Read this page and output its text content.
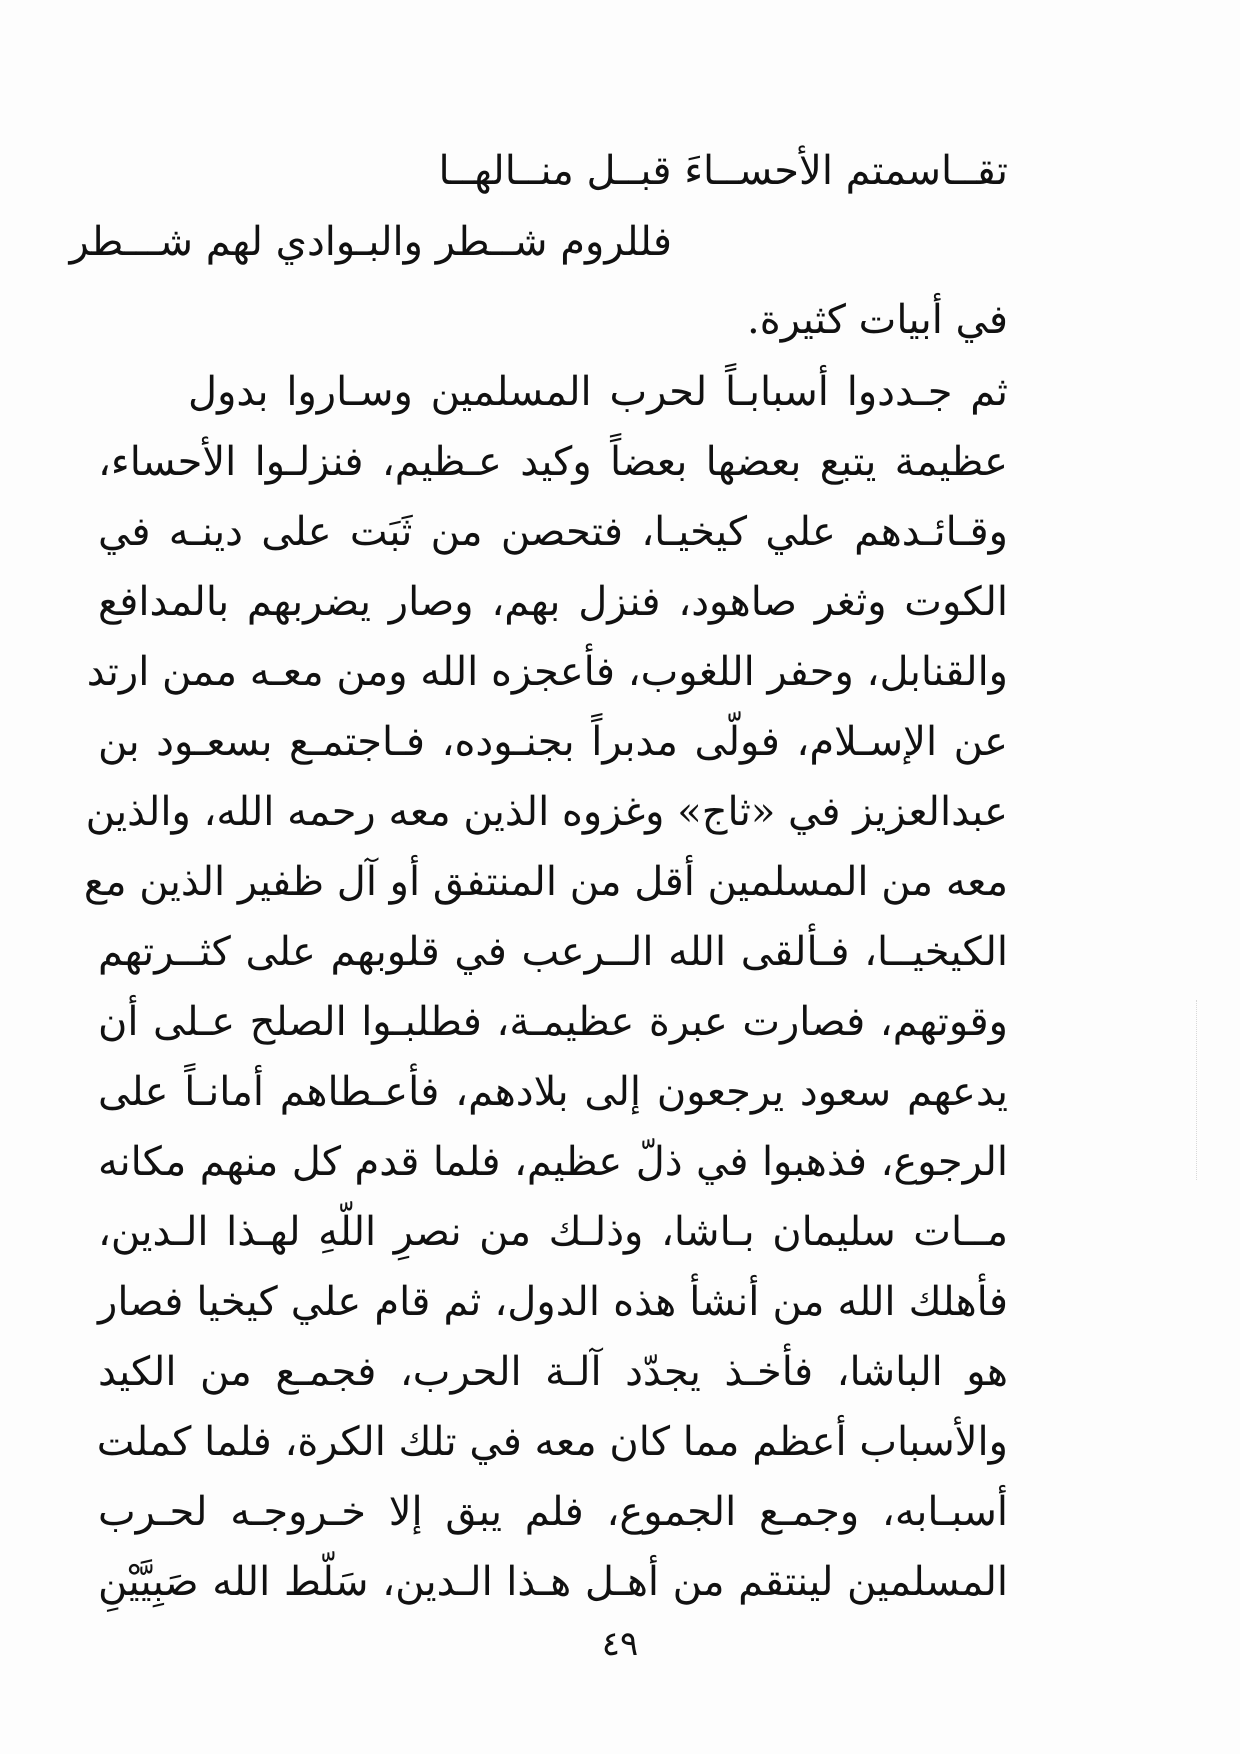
تقــاسمتم الأحســاءَ قبــل منــالهــا
فللروم شــطر والبـوادي لهم شـــطر
في أبيات كثيرة.
ثم جـددوا أسبابـاً لحرب المسلمين وسـاروا بدول
عظيمة يتبع بعضها بعضاً وكيد عـظيم، فنزلـوا الأحساء،
وقـائـدهم علي كيخيـا، فتحصن من ثَبَت على دينـه في
الكوت وثغر صاهود، فنزل بهم، وصار يضربهم بالمدافع
والقنابل، وحفر اللغوب، فأعجزه الله ومن معـه ممن ارتد
عن الإسـلام، فولّى مدبراً بجنـوده، فـاجتمـع بسعـود بن
عبدالعزيز في «ثاج» وغزوه الذين معه رحمه الله، والذين
معه من المسلمين أقل من المنتفق أو آل ظفير الذين مع
الكيخيــا، فـألقى الله الــرعب في قلوبهم على كثــرتهم
وقوتهم، فصارت عبرة عظيمـة، فطلبـوا الصلح عـلى أن
يدعهم سعود يرجعون إلى بلادهم، فأعـطاهم أمانـاً على
الرجوع، فذهبوا في ذلّ عظيم، فلما قدم كل منهم مكانه
مــات سليمان بـاشا، وذلـك من نصرِ اللّهِ لهـذا الـدين،
فأهلك الله من أنشأ هذه الدول، ثم قام علي كيخيا فصار
هو الباشا، فأخـذ يجدّد آلـة الحرب، فجمـع من الكيد
والأسباب أعظم مما كان معه في تلك الكرة، فلما كملت
أسبـابه، وجمـع الجموع، فلم يبق إلا خـروجـه لحـرب
المسلمين لينتقم من أهـل هـذا الـدين، سَلّط الله صَبِيَّيْنِ
٤٩
